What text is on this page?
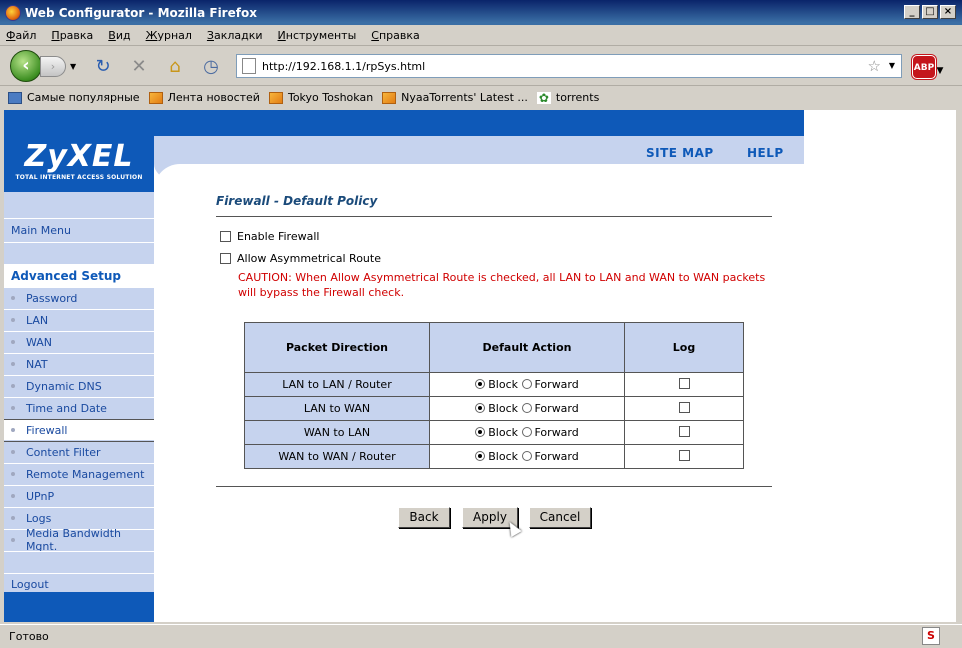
Web Configurator - Mozilla Firefox	_	□ ×
Файл Правка Вид Журнал Закладки Инструменты Справка
‹	›	▼ ↻ ✕ ⌂ ◷	▼
http://192.168.1.1/rpSys.html	☆ ▼ ABP
Самые популярные	Лента новостей	Tokyo Toshokan	NyaaTorrents' Latest ... ✿ torrents
ZyXEL
TOTAL INTERNET ACCESS SOLUTION
SITE MAP	HELP
Main Menu
Advanced Setup
Password
LAN
WAN
NAT
Dynamic DNS
Time and Date
Firewall
Content Filter
Remote Management
UPnP
Logs
Media Bandwidth Mgnt.
Logout
Firewall - Default Policy
Enable Firewall
Allow Asymmetrical Route
CAUTION: When Allow Asymmetrical Route is checked, all LAN to LAN and WAN to WAN packets will bypass the Firewall check.
Packet Direction	Default Action	Log
LAN to LAN / Router	Block Forward	
LAN to WAN	Block Forward	
WAN to LAN	Block Forward	
WAN to WAN / Router	Block Forward	
Back	Apply	Cancel
Готово	S
